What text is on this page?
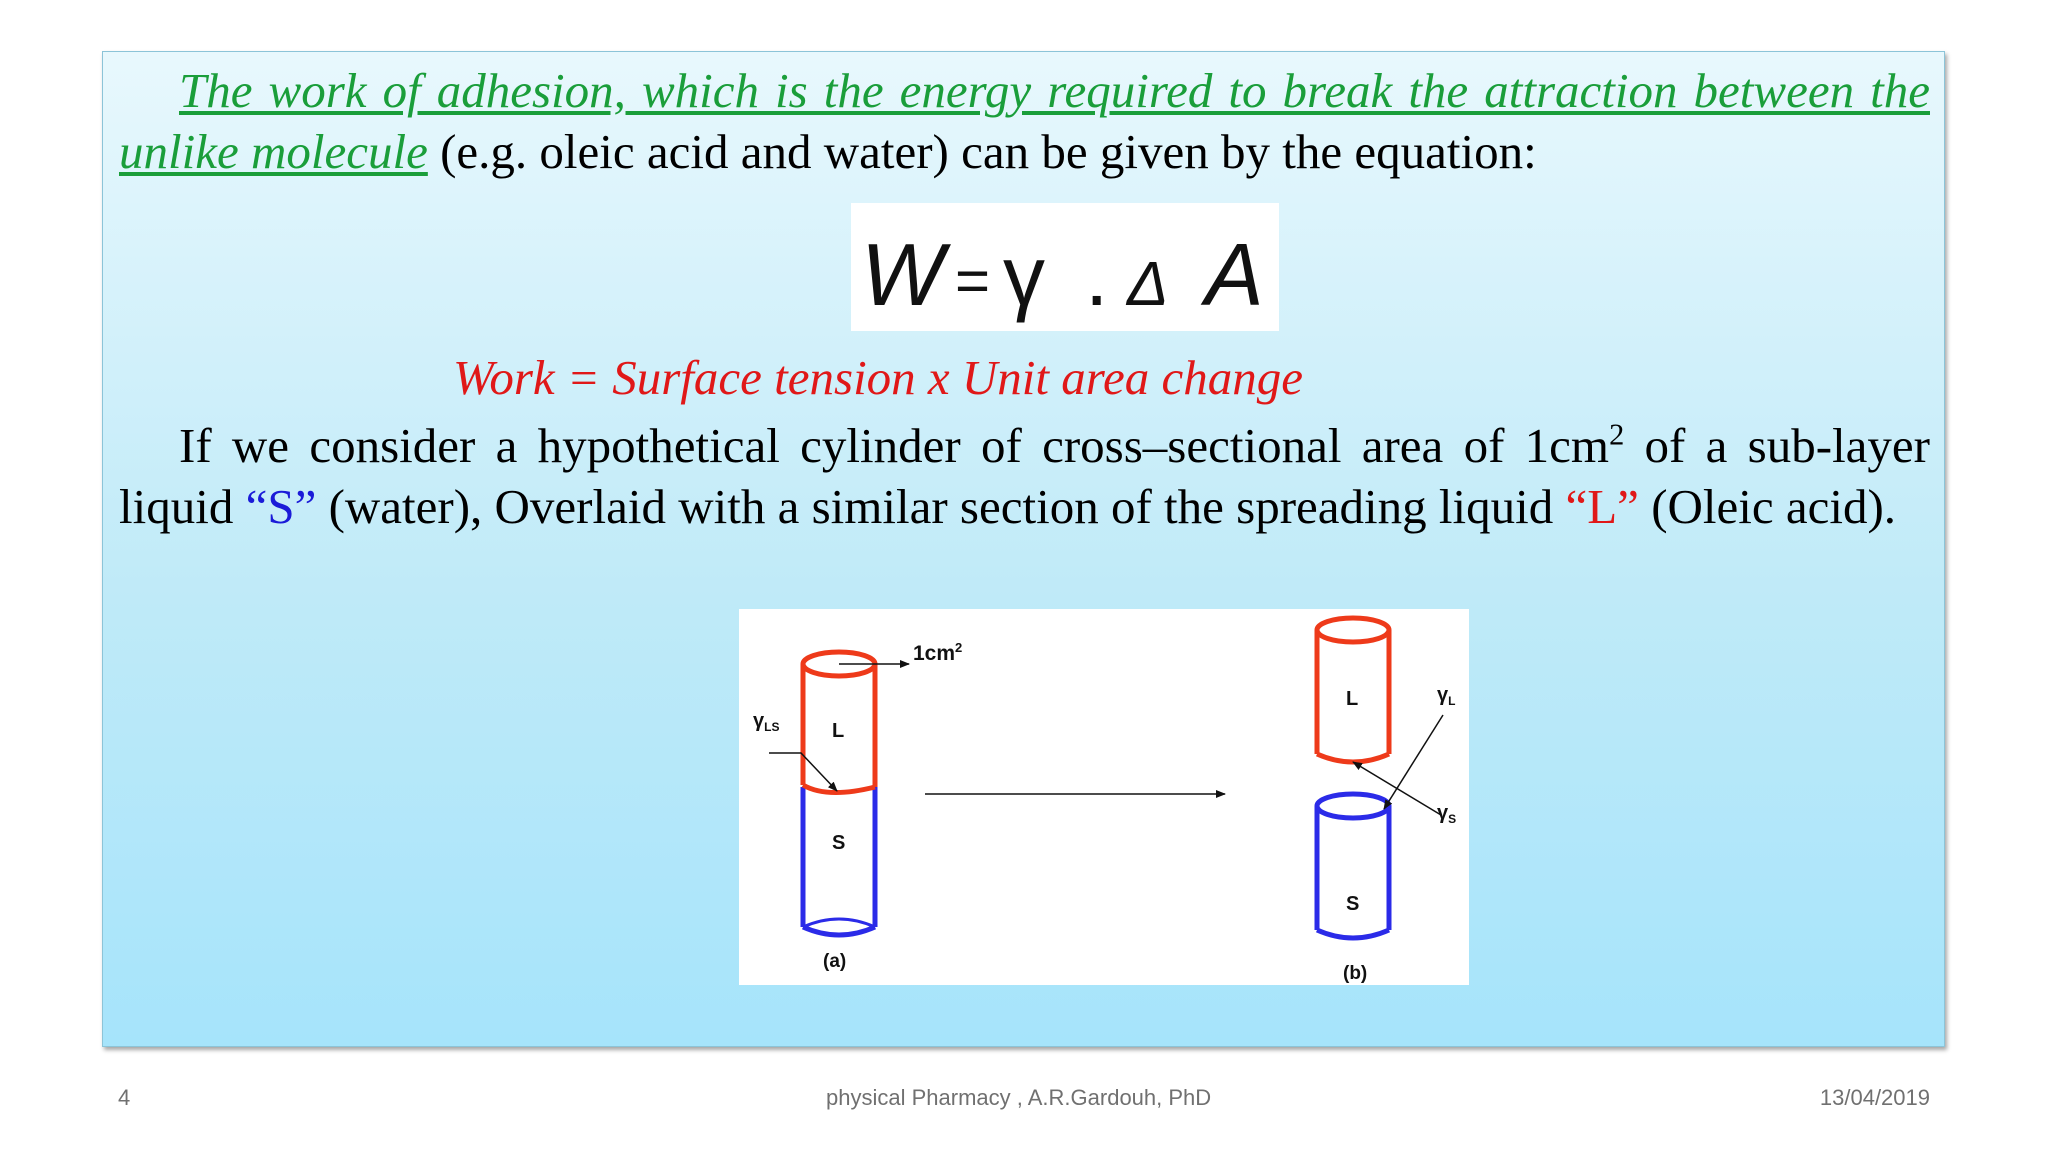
The work of adhesion, which is the energy required to break the attraction between the unlike molecule (e.g. oleic acid and water) can be given by the equation:

W = γ . Δ A

Work = Surface tension x Unit area change

If we consider a hypothetical cylinder of cross–sectional area of $1cm^2$ of a sub-layer liquid “S” (water), Overlaid with a similar section of the spreading liquid “L” (Oleic acid).

L
S
$1cm^2$
$\gamma_{LS}$
(a)
L
S
$\gamma_L$
$\gamma_S$
(b)

4	physical Pharmacy , A.R.Gardouh, PhD	13/04/2019
